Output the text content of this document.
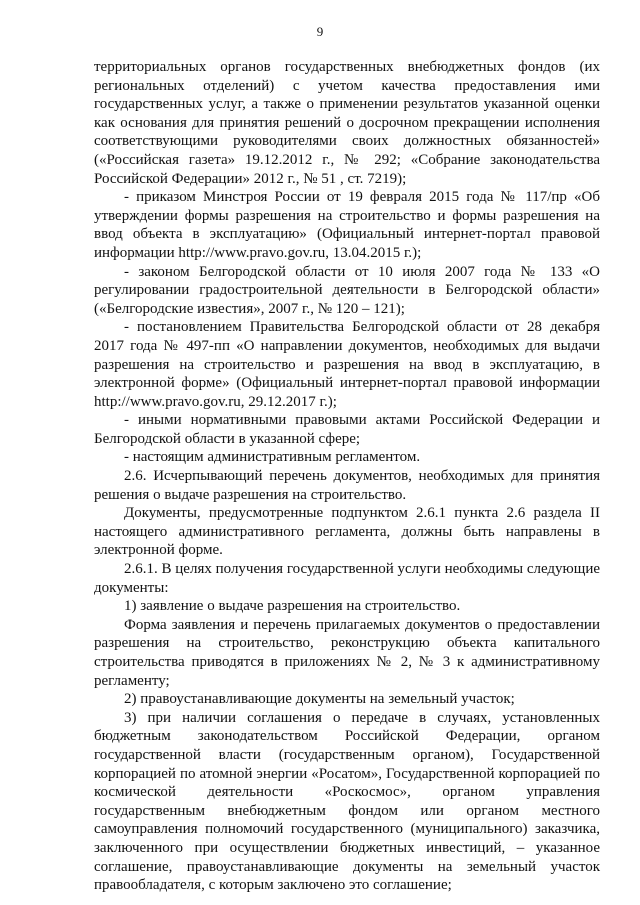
9

территориальных органов государственных внебюджетных фондов (их региональных отделений) с учетом качества предоставления ими государственных услуг, а также о применении результатов указанной оценки как основания для принятия решений о досрочном прекращении исполнения соответствующими руководителями своих должностных обязанностей» («Российская газета» 19.12.2012 г., № 292; «Собрание законодательства Российской Федерации» 2012 г., № 51 , ст. 7219);

- приказом Минстроя России от 19 февраля 2015 года № 117/пр «Об утверждении формы разрешения на строительство и формы разрешения на ввод объекта в эксплуатацию» (Официальный интернет-портал правовой информации http://www.pravo.gov.ru, 13.04.2015 г.);

- законом Белгородской области от 10 июля 2007 года № 133 «О регулировании градостроительной деятельности в Белгородской области» («Белгородские известия», 2007 г., № 120 – 121);

- постановлением Правительства Белгородской области от 28 декабря 2017 года № 497-пп «О направлении документов, необходимых для выдачи разрешения на строительство и разрешения на ввод в эксплуатацию, в электронной форме» (Официальный интернет-портал правовой информации http://www.pravo.gov.ru, 29.12.2017 г.);

- иными нормативными правовыми актами Российской Федерации и Белгородской области в указанной сфере;

- настоящим административным регламентом.

2.6. Исчерпывающий перечень документов, необходимых для принятия решения о выдаче разрешения на строительство.

Документы, предусмотренные подпунктом 2.6.1 пункта 2.6 раздела II настоящего административного регламента, должны быть направлены в электронной форме.

2.6.1. В целях получения государственной услуги необходимы следующие документы:

1) заявление о выдаче разрешения на строительство.

Форма заявления и перечень прилагаемых документов о предоставлении разрешения на строительство, реконструкцию объекта капитального строительства приводятся в приложениях № 2, № 3 к административному регламенту;

2) правоустанавливающие документы на земельный участок;

3) при наличии соглашения о передаче в случаях, установленных бюджетным законодательством Российской Федерации, органом государственной власти (государственным органом), Государственной корпорацией по атомной энергии «Росатом», Государственной корпорацией по космической деятельности «Роскосмос», органом управления государственным внебюджетным фондом или органом местного самоуправления полномочий государственного (муниципального) заказчика, заключенного при осуществлении бюджетных инвестиций, – указанное соглашение, правоустанавливающие документы на земельный участок правообладателя, с которым заключено это соглашение;
